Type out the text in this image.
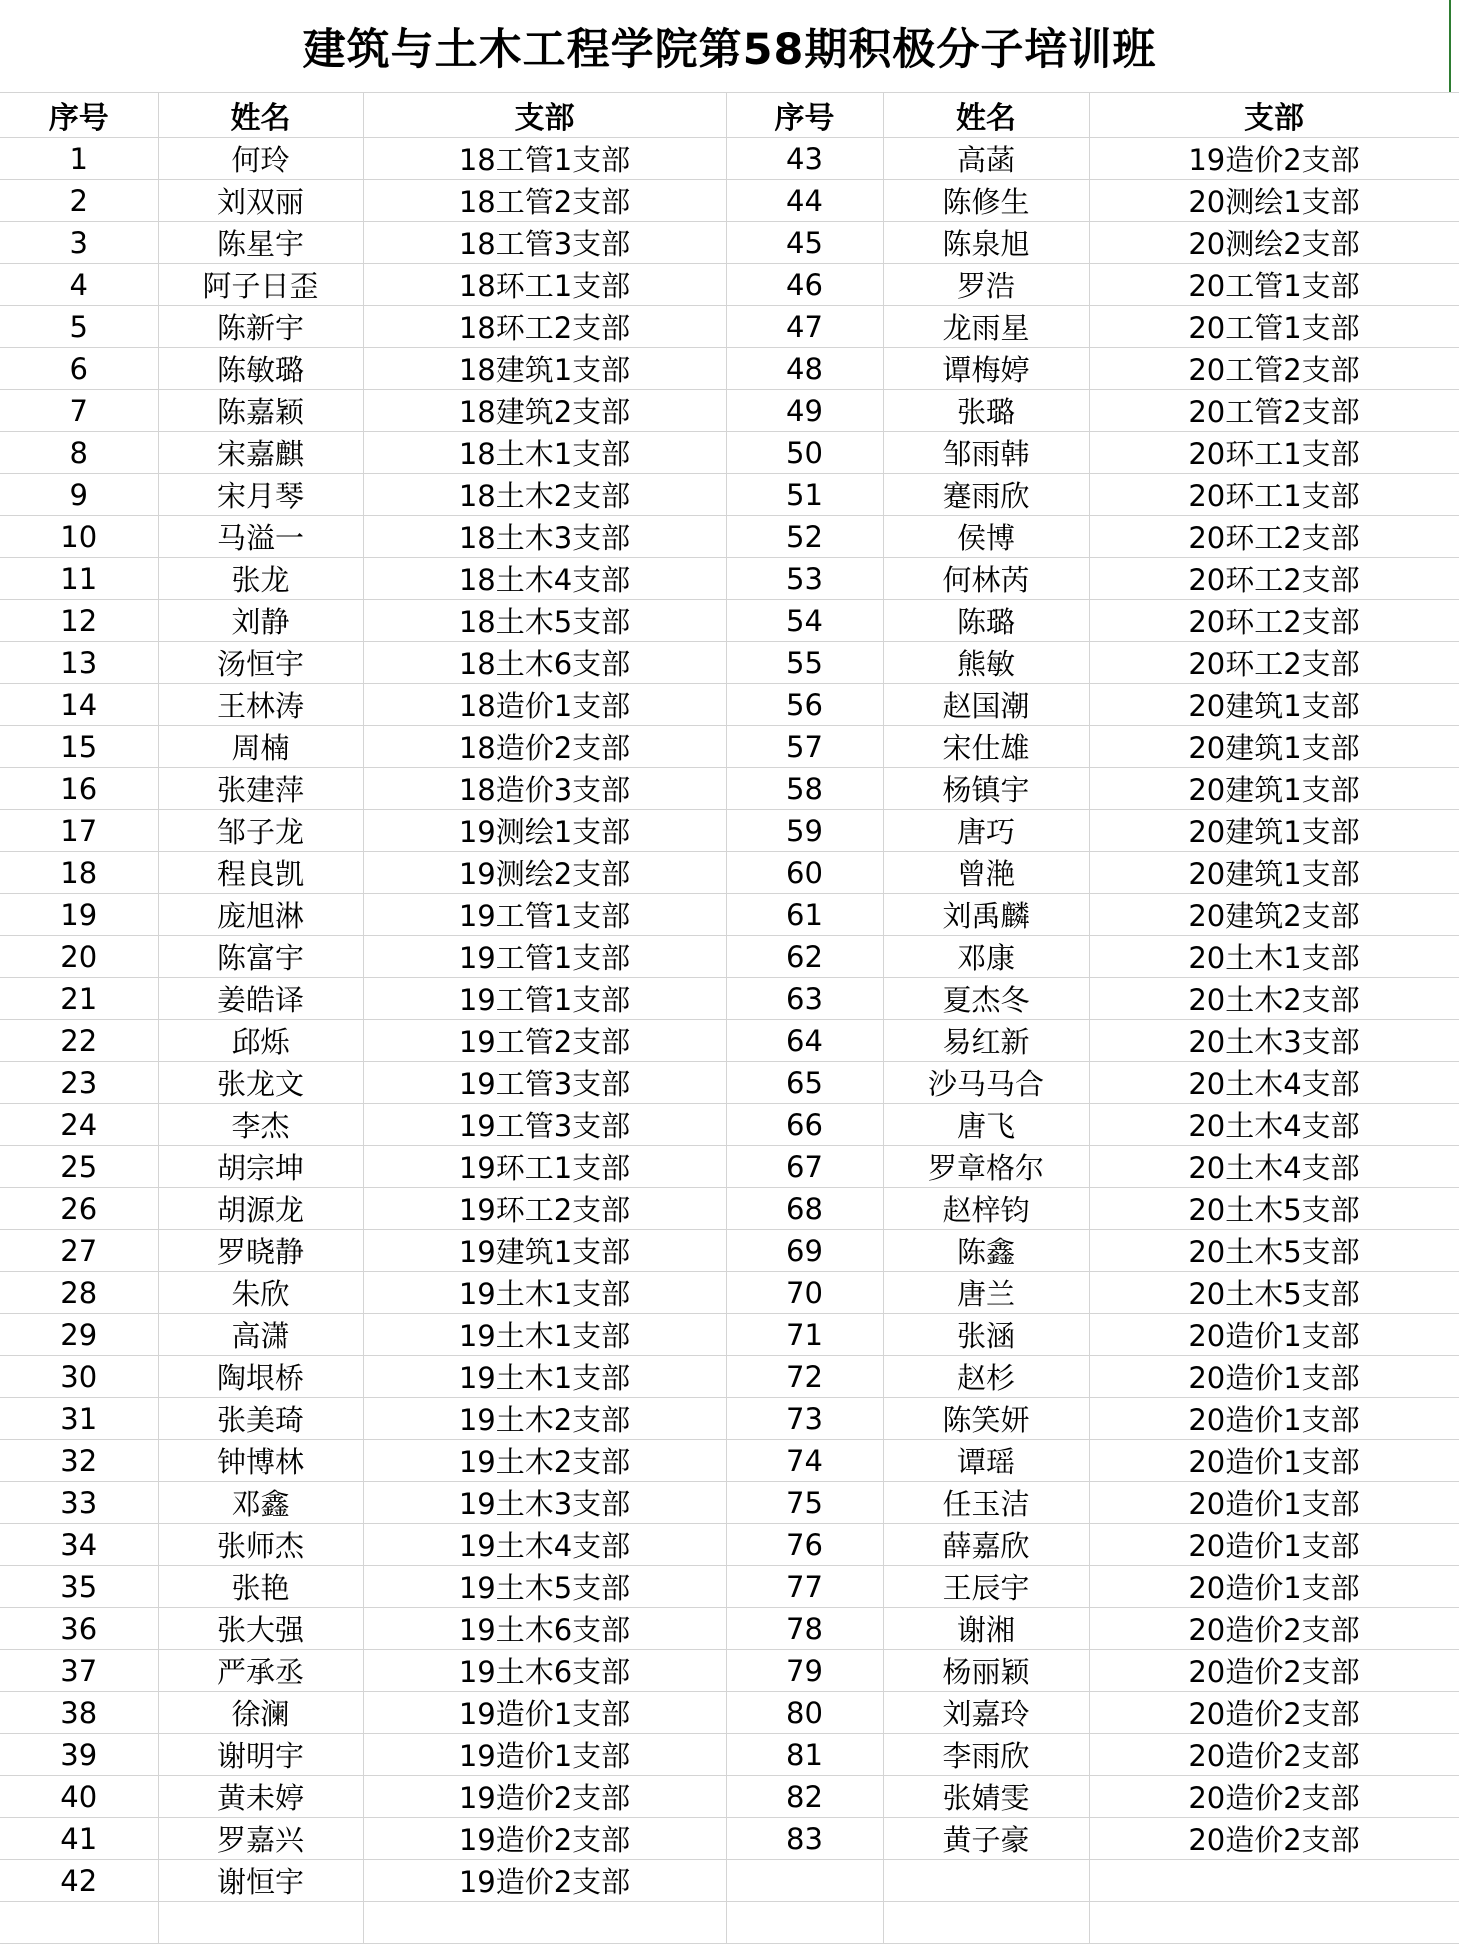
建筑与土木工程学院第58期积极分子培训班
序号	姓名	支部	序号	姓名	支部
1	何玲	18工管1支部	43	高菡	19造价2支部
2	刘双丽	18工管2支部	44	陈修生	20测绘1支部
3	陈星宇	18工管3支部	45	陈泉旭	20测绘2支部
4	阿子日歪	18环工1支部	46	罗浩	20工管1支部
5	陈新宇	18环工2支部	47	龙雨星	20工管1支部
6	陈敏璐	18建筑1支部	48	谭梅婷	20工管2支部
7	陈嘉颖	18建筑2支部	49	张璐	20工管2支部
8	宋嘉麒	18土木1支部	50	邹雨韩	20环工1支部
9	宋月琴	18土木2支部	51	蹇雨欣	20环工1支部
10	马溢一	18土木3支部	52	侯博	20环工2支部
11	张龙	18土木4支部	53	何林芮	20环工2支部
12	刘静	18土木5支部	54	陈璐	20环工2支部
13	汤恒宇	18土木6支部	55	熊敏	20环工2支部
14	王林涛	18造价1支部	56	赵国潮	20建筑1支部
15	周楠	18造价2支部	57	宋仕雄	20建筑1支部
16	张建萍	18造价3支部	58	杨镇宇	20建筑1支部
17	邹子龙	19测绘1支部	59	唐巧	20建筑1支部
18	程良凯	19测绘2支部	60	曾滟	20建筑1支部
19	庞旭淋	19工管1支部	61	刘禹麟	20建筑2支部
20	陈富宇	19工管1支部	62	邓康	20土木1支部
21	姜皓译	19工管1支部	63	夏杰冬	20土木2支部
22	邱烁	19工管2支部	64	易红新	20土木3支部
23	张龙文	19工管3支部	65	沙马马合	20土木4支部
24	李杰	19工管3支部	66	唐飞	20土木4支部
25	胡宗坤	19环工1支部	67	罗章格尔	20土木4支部
26	胡源龙	19环工2支部	68	赵梓钧	20土木5支部
27	罗晓静	19建筑1支部	69	陈鑫	20土木5支部
28	朱欣	19土木1支部	70	唐兰	20土木5支部
29	高潇	19土木1支部	71	张涵	20造价1支部
30	陶垠桥	19土木1支部	72	赵杉	20造价1支部
31	张美琦	19土木2支部	73	陈笑妍	20造价1支部
32	钟博林	19土木2支部	74	谭瑶	20造价1支部
33	邓鑫	19土木3支部	75	任玉洁	20造价1支部
34	张师杰	19土木4支部	76	薛嘉欣	20造价1支部
35	张艳	19土木5支部	77	王辰宇	20造价1支部
36	张大强	19土木6支部	78	谢湘	20造价2支部
37	严承丞	19土木6支部	79	杨丽颖	20造价2支部
38	徐澜	19造价1支部	80	刘嘉玲	20造价2支部
39	谢明宇	19造价1支部	81	李雨欣	20造价2支部
40	黄未婷	19造价2支部	82	张婧雯	20造价2支部
41	罗嘉兴	19造价2支部	83	黄子豪	20造价2支部
42	谢恒宇	19造价2支部			
